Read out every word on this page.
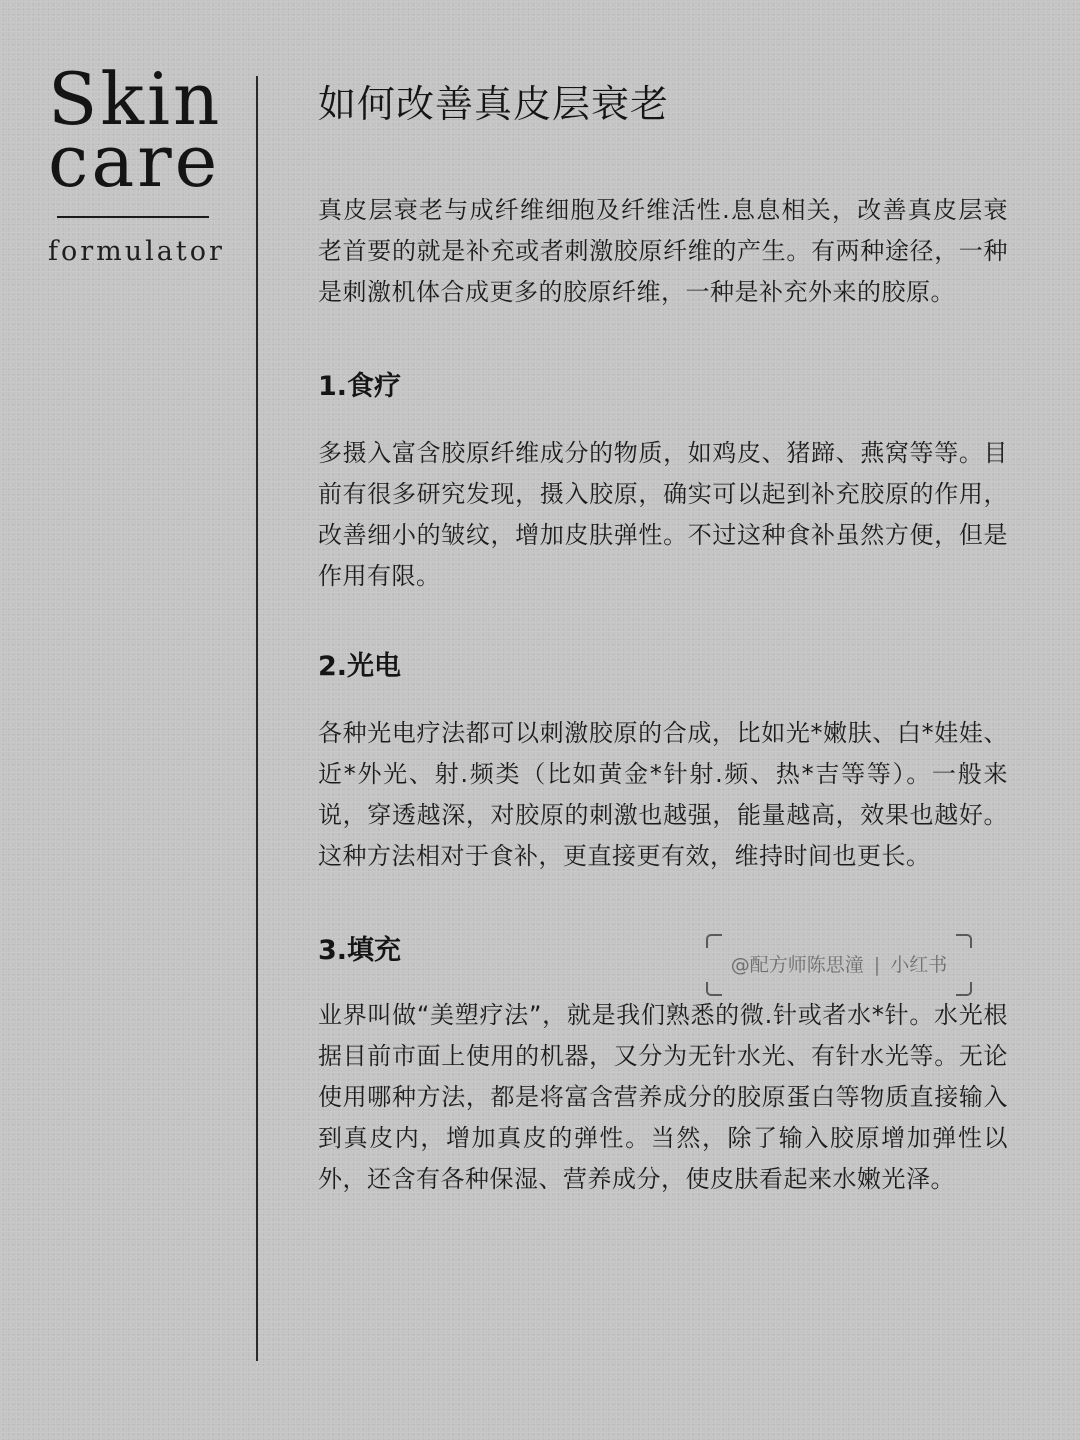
Skin
care
formulator
如何改善真皮层衰老

真皮层衰老与成纤维细胞及纤维活性.息息相关，改善真皮层衰老首要的就是补充或者刺激胶原纤维的产生。有两种途径，一种是刺激机体合成更多的胶原纤维，一种是补充外来的胶原。

1.食疗

多摄入富含胶原纤维成分的物质，如鸡皮、猪蹄、燕窝等等。目前有很多研究发现，摄入胶原，确实可以起到补充胶原的作用，改善细小的皱纹，增加皮肤弹性。不过这种食补虽然方便，但是作用有限。

2.光电

各种光电疗法都可以刺激胶原的合成，比如光*嫩肤、白*娃娃、近*外光、射.频类（比如黄金*针射.频、热*吉等等）。一般来说，穿透越深，对胶原的刺激也越强，能量越高，效果也越好。这种方法相对于食补，更直接更有效，维持时间也更长。

3.填充

业界叫做“美塑疗法”，就是我们熟悉的微.针或者水*针。水光根据目前市面上使用的机器，又分为无针水光、有针水光等。无论使用哪种方法，都是将富含营养成分的胶原蛋白等物质直接输入到真皮内，增加真皮的弹性。当然，除了输入胶原增加弹性以外，还含有各种保湿、营养成分，使皮肤看起来水嫩光泽。

@配方师陈思潼 | 小红书
